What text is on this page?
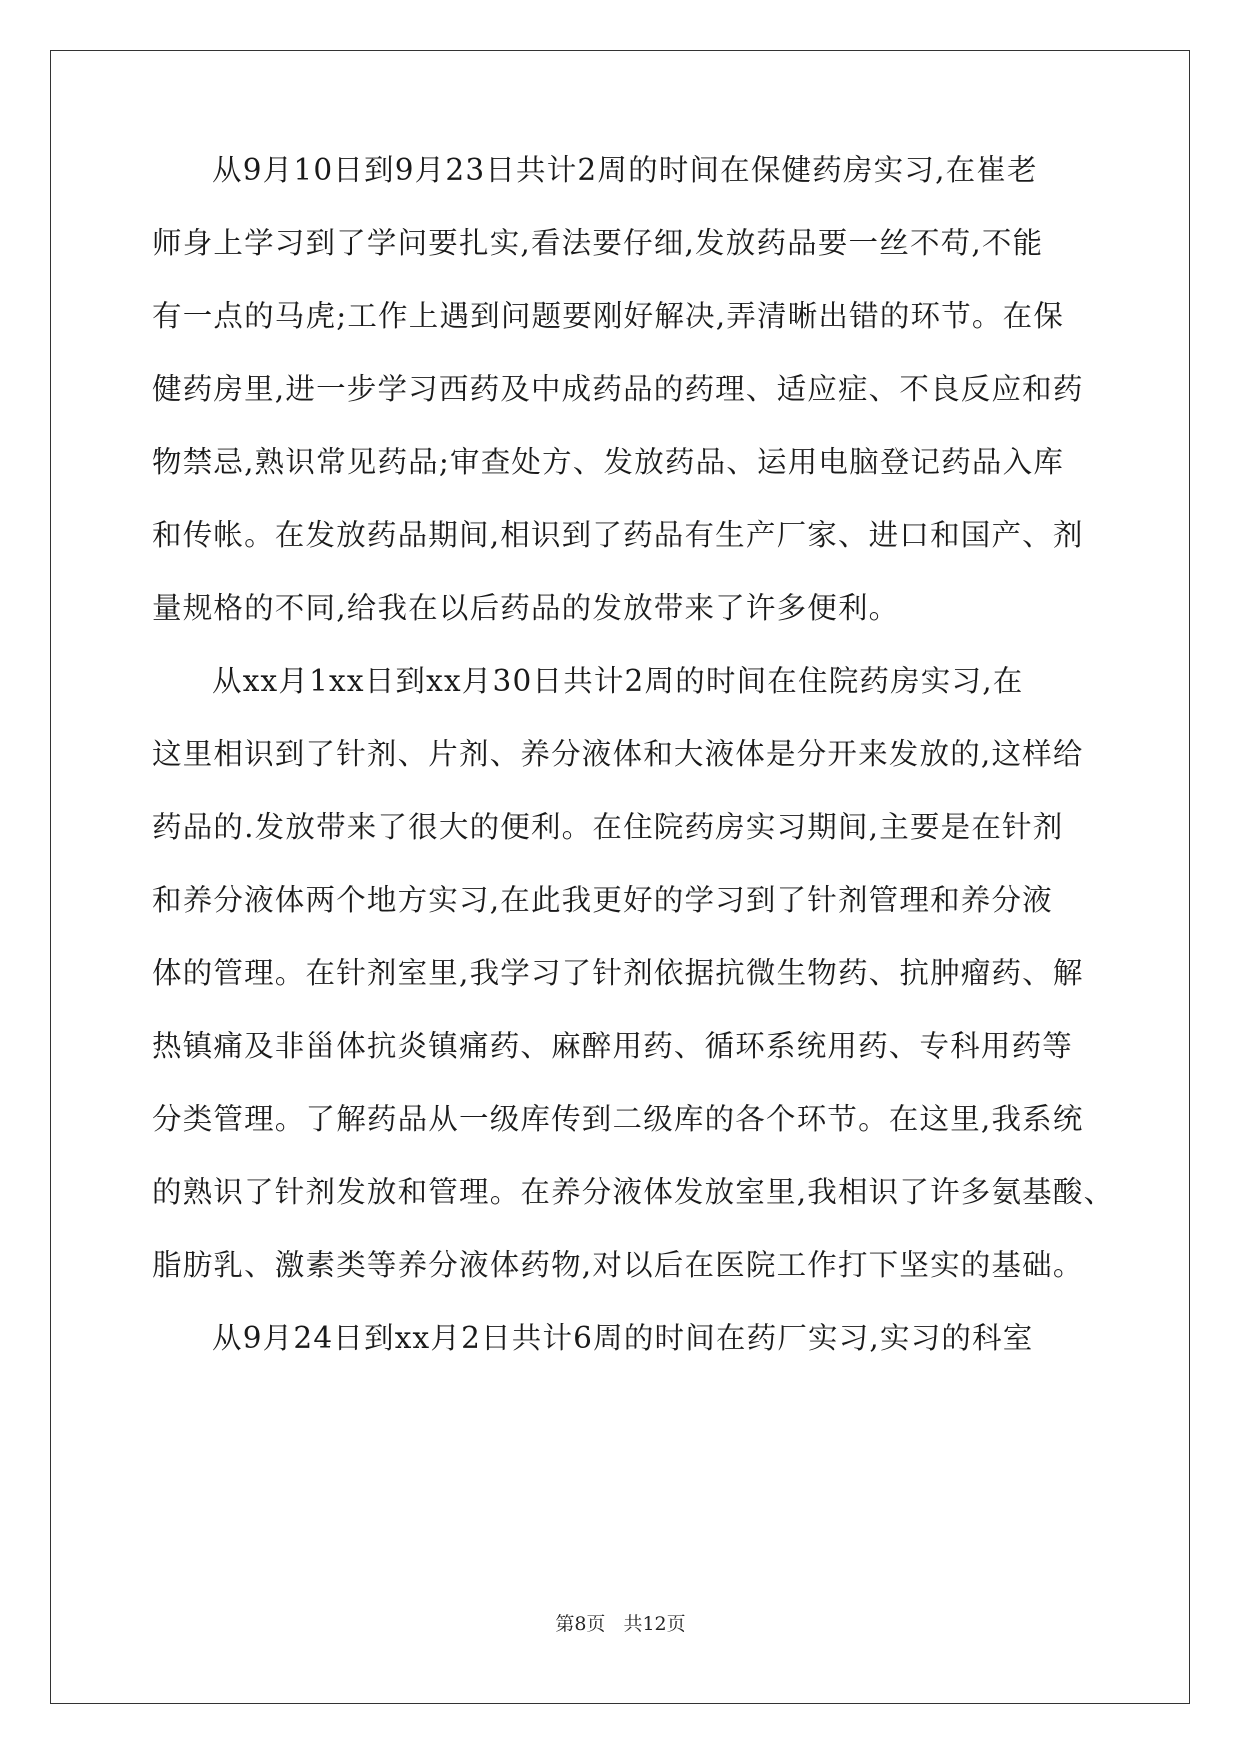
从9月10日到9月23日共计2周的时间在保健药房实习,在崔老
师身上学习到了学问要扎实,看法要仔细,发放药品要一丝不苟,不能
有一点的马虎;工作上遇到问题要刚好解决,弄清晰出错的环节。在保
健药房里,进一步学习西药及中成药品的药理、适应症、不良反应和药
物禁忌,熟识常见药品;审查处方、发放药品、运用电脑登记药品入库
和传帐。在发放药品期间,相识到了药品有生产厂家、进口和国产、剂
量规格的不同,给我在以后药品的发放带来了许多便利。
从xx月1xx日到xx月30日共计2周的时间在住院药房实习,在
这里相识到了针剂、片剂、养分液体和大液体是分开来发放的,这样给
药品的.发放带来了很大的便利。在住院药房实习期间,主要是在针剂
和养分液体两个地方实习,在此我更好的学习到了针剂管理和养分液
体的管理。在针剂室里,我学习了针剂依据抗微生物药、抗肿瘤药、解
热镇痛及非甾体抗炎镇痛药、麻醉用药、循环系统用药、专科用药等
分类管理。了解药品从一级库传到二级库的各个环节。在这里,我系统
的熟识了针剂发放和管理。在养分液体发放室里,我相识了许多氨基酸、
脂肪乳、激素类等养分液体药物,对以后在医院工作打下坚实的基础。
从9月24日到xx月2日共计6周的时间在药厂实习,实习的科室
第8页 共12页
